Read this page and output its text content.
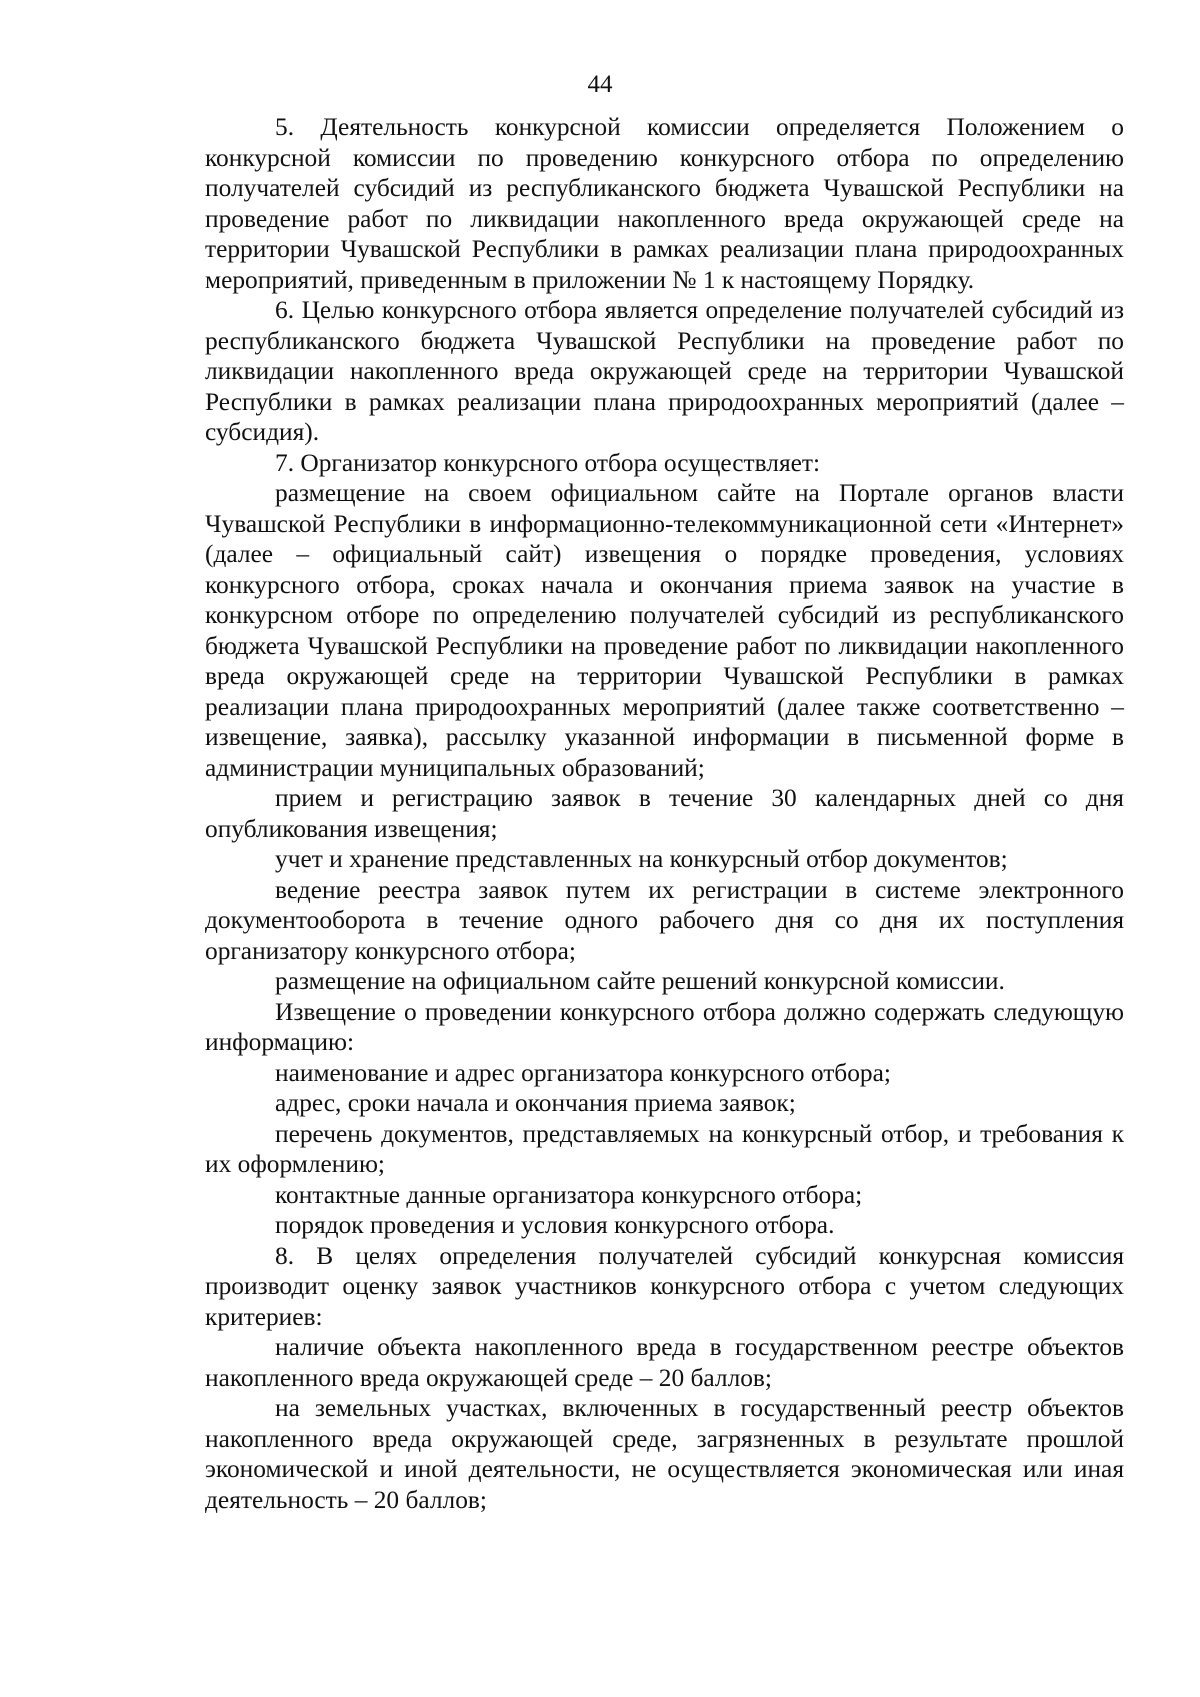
44

5. Деятельность конкурсной комиссии определяется Положением о конкурсной комиссии по проведению конкурсного отбора по определению получателей субсидий из республиканского бюджета Чувашской Республики на проведение работ по ликвидации накопленного вреда окружающей среде на территории Чувашской Республики в рамках реализации плана природоохранных мероприятий, приведенным в приложении № 1 к настоящему Порядку.

6. Целью конкурсного отбора является определение получателей субсидий из республиканского бюджета Чувашской Республики на проведение работ по ликвидации накопленного вреда окружающей среде на территории Чувашской Республики в рамках реализации плана природоохранных мероприятий (далее – субсидия).

7. Организатор конкурсного отбора осуществляет:

размещение на своем официальном сайте на Портале органов власти Чувашской Республики в информационно-телекоммуникационной сети «Интернет» (далее – официальный сайт) извещения о порядке проведения, условиях конкурсного отбора, сроках начала и окончания приема заявок на участие в конкурсном отборе по определению получателей субсидий из республиканского бюджета Чувашской Республики на проведение работ по ликвидации накопленного вреда окружающей среде на территории Чувашской Республики в рамках реализации плана природоохранных мероприятий (далее также соответственно – извещение, заявка), рассылку указанной информации в письменной форме в администрации муниципальных образований;

прием и регистрацию заявок в течение 30 календарных дней со дня опубликования извещения;

учет и хранение представленных на конкурсный отбор документов;

ведение реестра заявок путем их регистрации в системе электронного документооборота в течение одного рабочего дня со дня их поступления организатору конкурсного отбора;

размещение на официальном сайте решений конкурсной комиссии.

Извещение о проведении конкурсного отбора должно содержать следующую информацию:

наименование и адрес организатора конкурсного отбора;

адрес, сроки начала и окончания приема заявок;

перечень документов, представляемых на конкурсный отбор, и требования к их оформлению;

контактные данные организатора конкурсного отбора;

порядок проведения и условия конкурсного отбора.

8. В целях определения получателей субсидий конкурсная комиссия производит оценку заявок участников конкурсного отбора с учетом следующих критериев:

наличие объекта накопленного вреда в государственном реестре объектов накопленного вреда окружающей среде – 20 баллов;

на земельных участках, включенных в государственный реестр объектов накопленного вреда окружающей среде, загрязненных в результате прошлой экономической и иной деятельности, не осуществляется экономическая или иная деятельность – 20 баллов;
